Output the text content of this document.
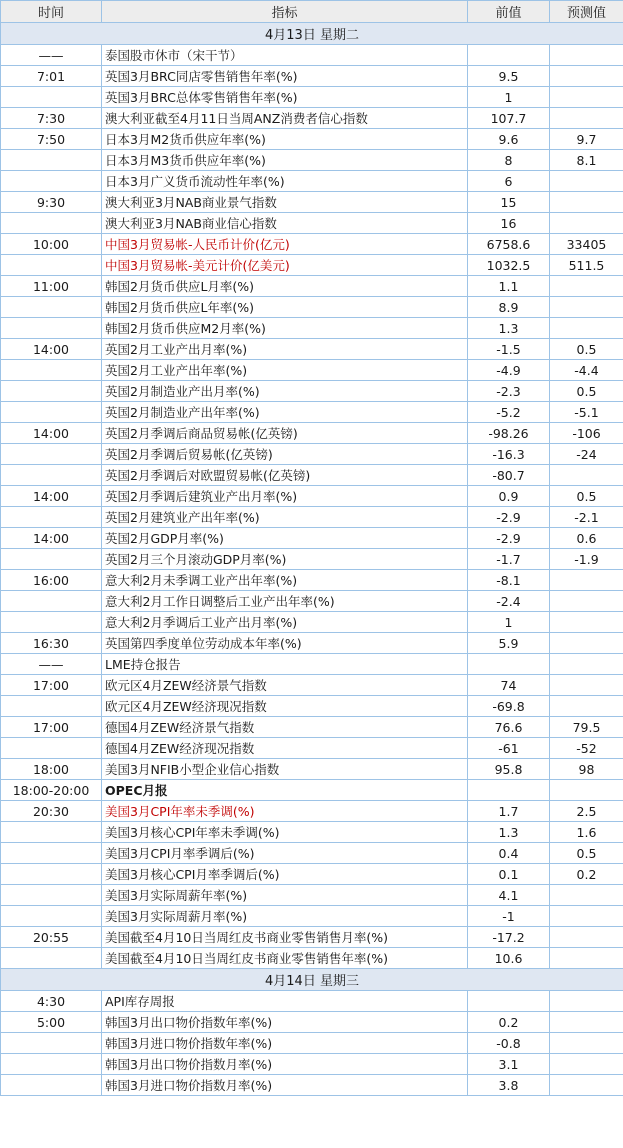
时间	指标	前值	预测值
4月13日 星期二			
——	泰国股市休市（宋干节）		
7:01	英国3月BRC同店零售销售年率(%)	9.5	
	英国3月BRC总体零售销售年率(%)	1	
7:30	澳大利亚截至4月11日当周ANZ消费者信心指数	107.7	
7:50	日本3月M2货币供应年率(%)	9.6	9.7
	日本3月M3货币供应年率(%)	8	8.1
	日本3月广义货币流动性年率(%)	6	
9:30	澳大利亚3月NAB商业景气指数	15	
	澳大利亚3月NAB商业信心指数	16	
10:00	中国3月贸易帐-人民币计价(亿元)	6758.6	33405
	中国3月贸易帐-美元计价(亿美元)	1032.5	511.5
11:00	韩国2月货币供应L月率(%)	1.1	
	韩国2月货币供应L年率(%)	8.9	
	韩国2月货币供应M2月率(%)	1.3	
14:00	英国2月工业产出月率(%)	-1.5	0.5
	英国2月工业产出年率(%)	-4.9	-4.4
	英国2月制造业产出月率(%)	-2.3	0.5
	英国2月制造业产出年率(%)	-5.2	-5.1
14:00	英国2月季调后商品贸易帐(亿英镑)	-98.26	-106
	英国2月季调后贸易帐(亿英镑)	-16.3	-24
	英国2月季调后对欧盟贸易帐(亿英镑)	-80.7	
14:00	英国2月季调后建筑业产出月率(%)	0.9	0.5
	英国2月建筑业产出年率(%)	-2.9	-2.1
14:00	英国2月GDP月率(%)	-2.9	0.6
	英国2月三个月滚动GDP月率(%)	-1.7	-1.9
16:00	意大利2月未季调工业产出年率(%)	-8.1	
	意大利2月工作日调整后工业产出年率(%)	-2.4	
	意大利2月季调后工业产出月率(%)	1	
16:30	英国第四季度单位劳动成本年率(%)	5.9	
——	LME持仓报告		
17:00	欧元区4月ZEW经济景气指数	74	
	欧元区4月ZEW经济现况指数	-69.8	
17:00	德国4月ZEW经济景气指数	76.6	79.5
	德国4月ZEW经济现况指数	-61	-52
18:00	美国3月NFIB小型企业信心指数	95.8	98
18:00-20:00	OPEC月报		
20:30	美国3月CPI年率未季调(%)	1.7	2.5
	美国3月核心CPI年率未季调(%)	1.3	1.6
	美国3月CPI月率季调后(%)	0.4	0.5
	美国3月核心CPI月率季调后(%)	0.1	0.2
	美国3月实际周薪年率(%)	4.1	
	美国3月实际周薪月率(%)	-1	
20:55	美国截至4月10日当周红皮书商业零售销售月率(%)	-17.2	
	美国截至4月10日当周红皮书商业零售销售年率(%)	10.6	
4月14日 星期三			
4:30	API库存周报		
5:00	韩国3月出口物价指数年率(%)	0.2	
	韩国3月进口物价指数年率(%)	-0.8	
	韩国3月出口物价指数月率(%)	3.1	
	韩国3月进口物价指数月率(%)	3.8	
